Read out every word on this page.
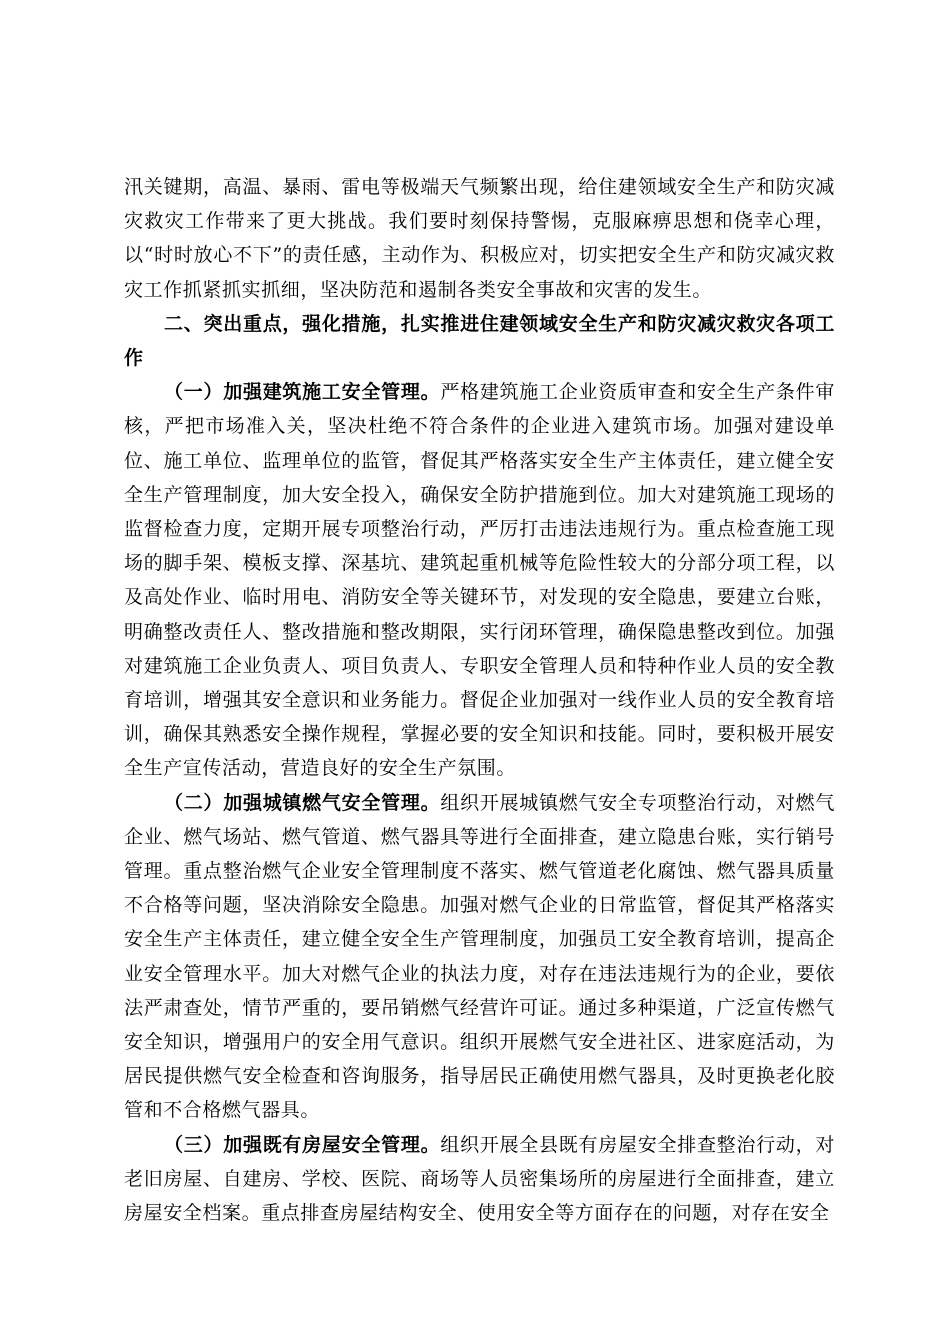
汛关键期，高温、暴雨、雷电等极端天气频繁出现，给住建领域安全生产和防灾减灾救灾工作带来了更大挑战。我们要时刻保持警惕，克服麻痹思想和侥幸心理，以“时时放心不下”的责任感，主动作为、积极应对，切实把安全生产和防灾减灾救灾工作抓紧抓实抓细，坚决防范和遏制各类安全事故和灾害的发生。

二、突出重点，强化措施，扎实推进住建领域安全生产和防灾减灾救灾各项工作

（一）加强建筑施工安全管理。严格建筑施工企业资质审查和安全生产条件审核，严把市场准入关，坚决杜绝不符合条件的企业进入建筑市场。加强对建设单位、施工单位、监理单位的监管，督促其严格落实安全生产主体责任，建立健全安全生产管理制度，加大安全投入，确保安全防护措施到位。加大对建筑施工现场的监督检查力度，定期开展专项整治行动，严厉打击违法违规行为。重点检查施工现场的脚手架、模板支撑、深基坑、建筑起重机械等危险性较大的分部分项工程，以及高处作业、临时用电、消防安全等关键环节，对发现的安全隐患，要建立台账，明确整改责任人、整改措施和整改期限，实行闭环管理，确保隐患整改到位。加强对建筑施工企业负责人、项目负责人、专职安全管理人员和特种作业人员的安全教育培训，增强其安全意识和业务能力。督促企业加强对一线作业人员的安全教育培训，确保其熟悉安全操作规程，掌握必要的安全知识和技能。同时，要积极开展安全生产宣传活动，营造良好的安全生产氛围。

（二）加强城镇燃气安全管理。组织开展城镇燃气安全专项整治行动，对燃气企业、燃气场站、燃气管道、燃气器具等进行全面排查，建立隐患台账，实行销号管理。重点整治燃气企业安全管理制度不落实、燃气管道老化腐蚀、燃气器具质量不合格等问题，坚决消除安全隐患。加强对燃气企业的日常监管，督促其严格落实安全生产主体责任，建立健全安全生产管理制度，加强员工安全教育培训，提高企业安全管理水平。加大对燃气企业的执法力度，对存在违法违规行为的企业，要依法严肃查处，情节严重的，要吊销燃气经营许可证。通过多种渠道，广泛宣传燃气安全知识，增强用户的安全用气意识。组织开展燃气安全进社区、进家庭活动，为居民提供燃气安全检查和咨询服务，指导居民正确使用燃气器具，及时更换老化胶管和不合格燃气器具。

（三）加强既有房屋安全管理。组织开展全县既有房屋安全排查整治行动，对老旧房屋、自建房、学校、医院、商场等人员密集场所的房屋进行全面排查，建立房屋安全档案。重点排查房屋结构安全、使用安全等方面存在的问题，对存在安全
